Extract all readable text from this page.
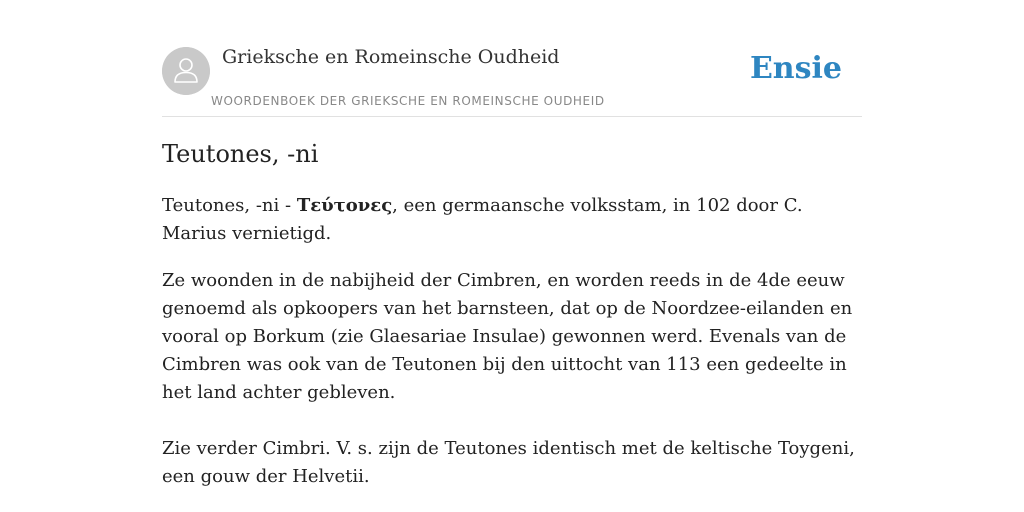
Grieksche en Romeinsche Oudheid
WOORDENBOEK DER GRIEKSCHE EN ROMEINSCHE OUDHEID
Ensie
Teutones, -ni

Teutones, -ni - Τεύτονες, een germaansche volksstam, in 102 door C. Marius vernietigd.

Ze woonden in de nabijheid der Cimbren, en worden reeds in de 4de eeuw genoemd als opkoopers van het barnsteen, dat op de Noordzee-eilanden en vooral op Borkum (zie Glaesariae Insulae) gewonnen werd. Evenals van de Cimbren was ook van de Teutonen bij den uittocht van 113 een gedeelte in het land achter gebleven.

Zie verder Cimbri. V. s. zijn de Teutones identisch met de keltische Toygeni, een gouw der Helvetii.
